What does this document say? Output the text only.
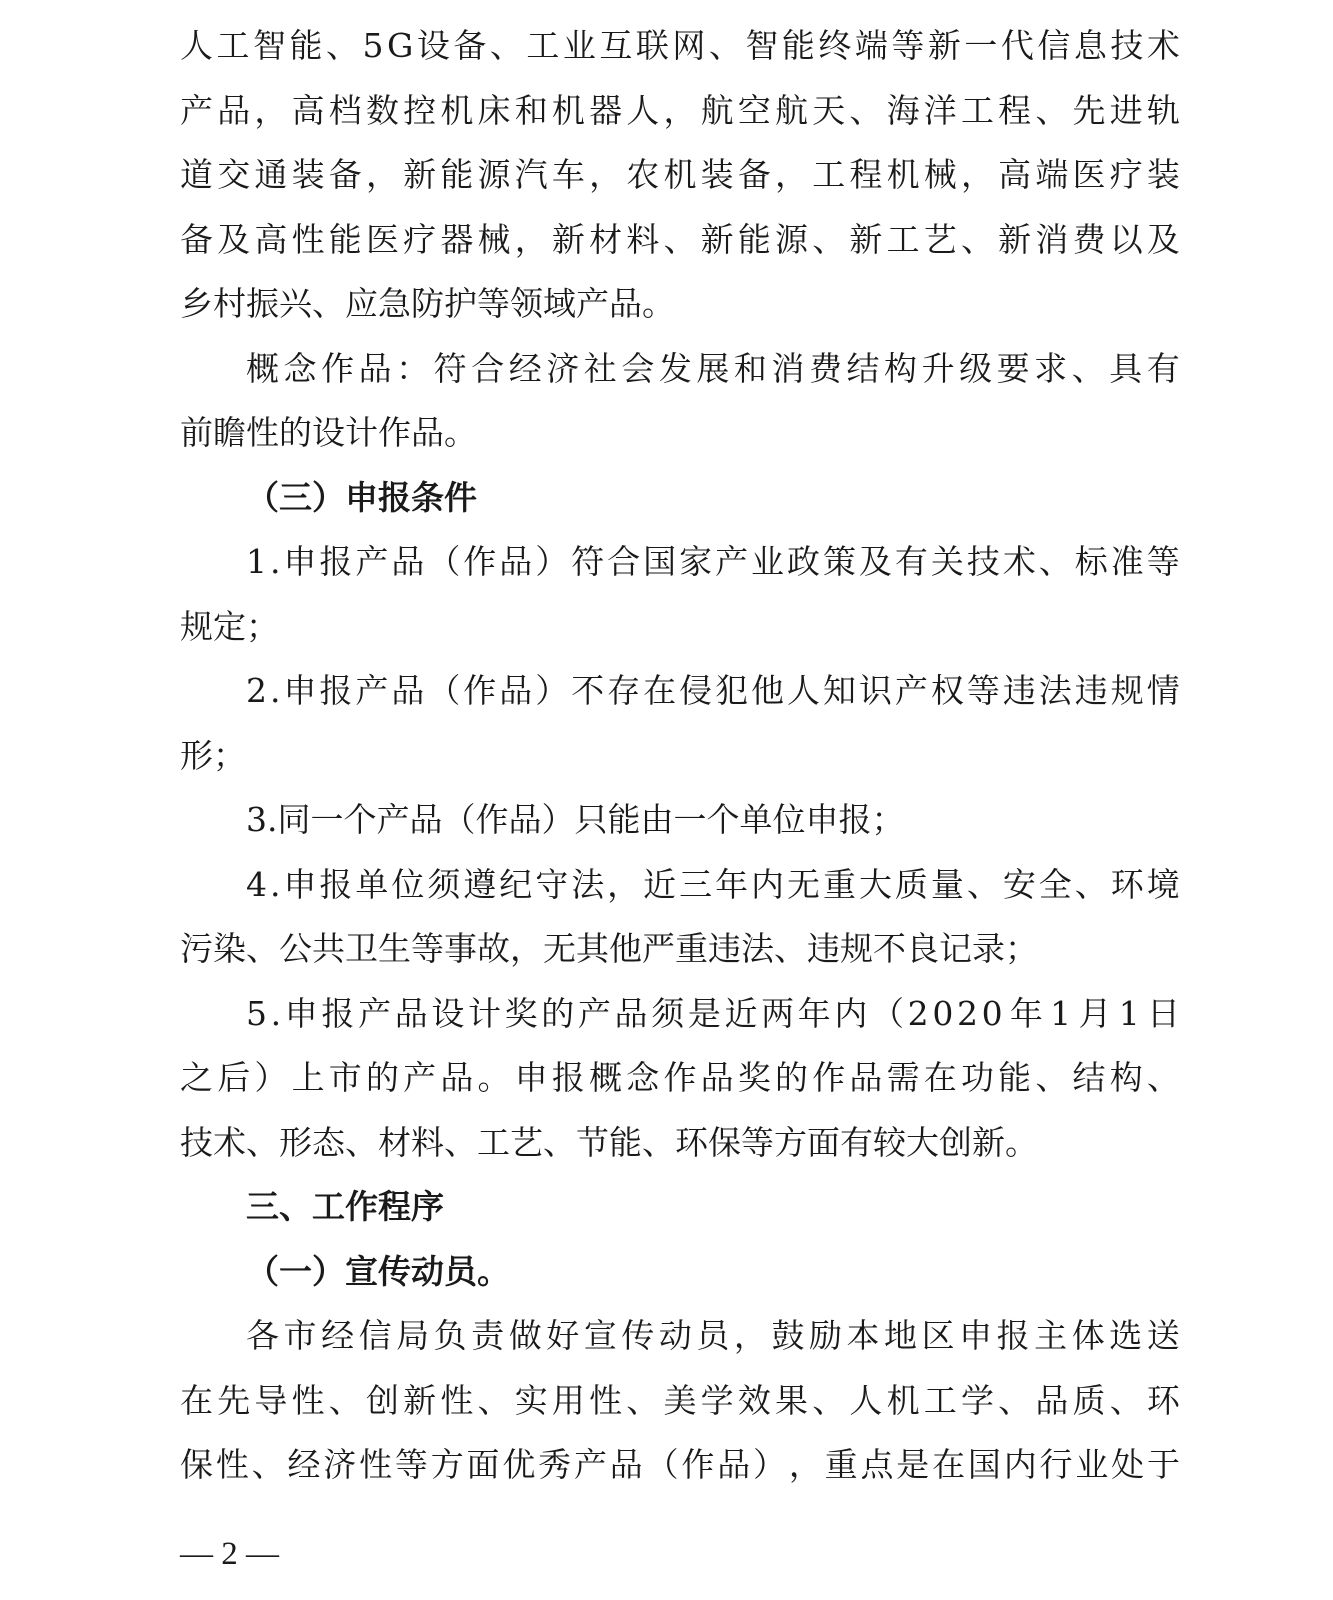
人 工 智 能 、 5 G 设 备 、 工 业 互 联 网 、 智 能 终 端 等 新 一 代 信 息 技 术
产 品 ， 高 档 数 控 机 床 和 机 器 人 ， 航 空 航 天 、 海 洋 工 程 、 先 进 轨
道 交 通 装 备 ， 新 能 源 汽 车 ， 农 机 装 备 ， 工 程 机 械 ， 高 端 医 疗 装
备 及 高 性 能 医 疗 器 械 ， 新 材 料 、 新 能 源 、 新 工 艺 、 新 消 费 以 及
乡村振兴、应急防护等领域产品。
概 念 作 品 ： 符 合 经 济 社 会 发 展 和 消 费 结 构 升 级 要 求 、 具 有
前瞻性的设计作品。
（三）申报条件
1 . 申 报 产 品 （ 作 品 ） 符 合 国 家 产 业 政 策 及 有 关 技 术 、 标 准 等
规定；
2 . 申 报 产 品 （ 作 品 ） 不 存 在 侵 犯 他 人 知 识 产 权 等 违 法 违 规 情
形；
3.同一个产品（作品）只能由一个单位申报；
4 . 申 报 单 位 须 遵 纪 守 法 ， 近 三 年 内 无 重 大 质 量 、 安 全 、 环 境
污染、公共卫生等事故，无其他严重违法、违规不良记录；
5 . 申 报 产 品 设 计 奖 的 产 品 须 是 近 两 年 内 （ 2 0 2 0 年 1 月 1 日
之 后 ） 上 市 的 产 品 。 申 报 概 念 作 品 奖 的 作 品 需 在 功 能 、 结 构 、
技术、形态、材料、工艺、节能、环保等方面有较大创新。
三、工作程序
（一）宣传动员。
各 市 经 信 局 负 责 做 好 宣 传 动 员 ， 鼓 励 本 地 区 申 报 主 体 选 送
在 先 导 性 、 创 新 性 、 实 用 性 、 美 学 效 果 、 人 机 工 学 、 品 质 、 环
保 性 、 经 济 性 等 方 面 优 秀 产 品 （ 作 品 ） ， 重 点 是 在 国 内 行 业 处 于
— 2 —
